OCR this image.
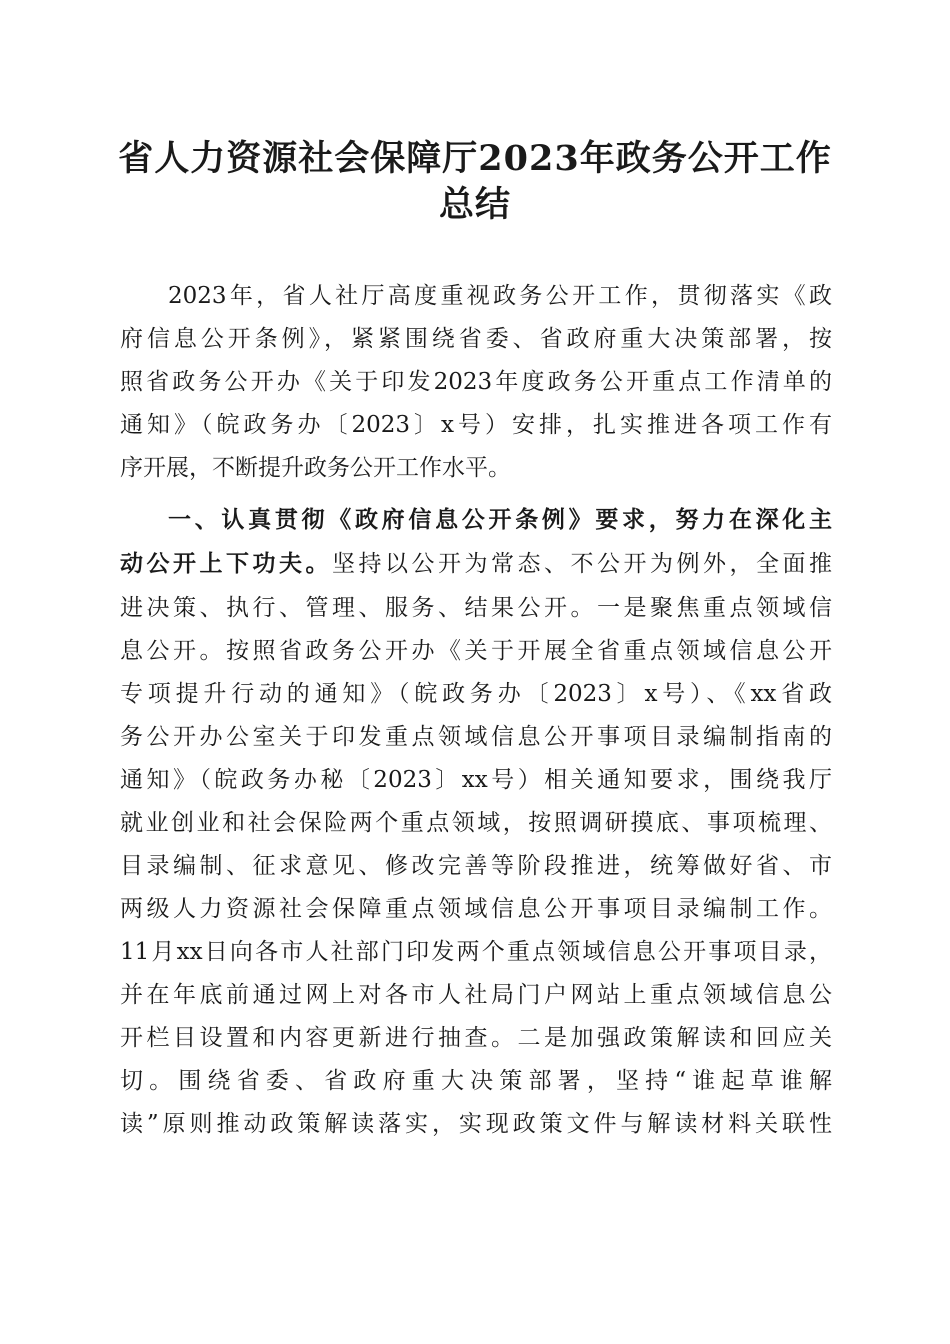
省人力资源社会保障厅2023年政务公开工作
总结

2023年，省人社厅高度重视政务公开工作，贯彻落实《政

府信息公开条例》，紧紧围绕省委、省政府重大决策部署，按

照省政务公开办《关于印发2023年度政务公开重点工作清单的

通知》（皖政务办〔2023〕x号）安排，扎实推进各项工作有

序开展，不断提升政务公开工作水平。

一、认真贯彻《政府信息公开条例》要求，努力在深化主

动公开上下功夫。坚持以公开为常态、不公开为例外，全面推

进决策、执行、管理、服务、结果公开。一是聚焦重点领域信

息公开。按照省政务公开办《关于开展全省重点领域信息公开

专项提升行动的通知》（皖政务办〔2023〕x号）、《xx省政

务公开办公室关于印发重点领域信息公开事项目录编制指南的

通知》（皖政务办秘〔2023〕xx号）相关通知要求，围绕我厅

就业创业和社会保险两个重点领域，按照调研摸底、事项梳理、

目录编制、征求意见、修改完善等阶段推进，统筹做好省、市

两级人力资源社会保障重点领域信息公开事项目录编制工作。

11月xx日向各市人社部门印发两个重点领域信息公开事项目录，

并在年底前通过网上对各市人社局门户网站上重点领域信息公

开栏目设置和内容更新进行抽查。二是加强政策解读和回应关

切。围绕省委、省政府重大决策部署，坚持“谁起草谁解

读”原则推动政策解读落实，实现政策文件与解读材料关联性
